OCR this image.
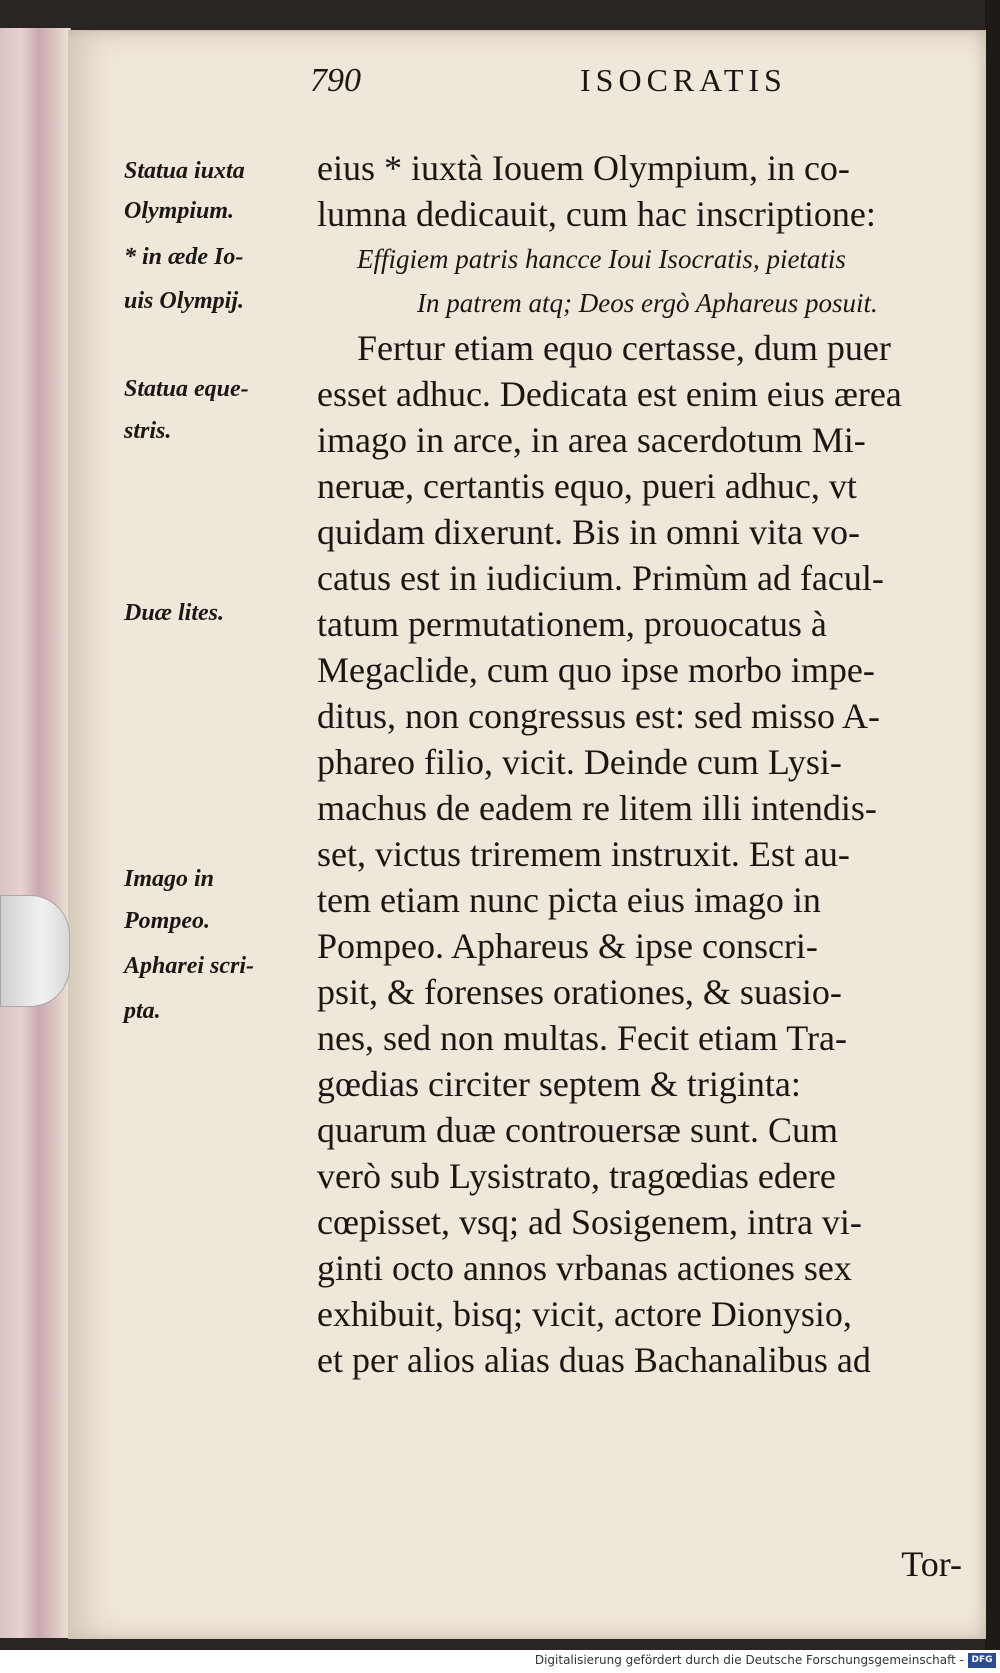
790	ISOCRATIS
Statua iuxta
Olympium.
* in æde Io-
uis Olympij.
Statua eque-
stris.
Duæ lites.
Imago in
Pompeo.
Apharei scri-
pta.
eius * iuxtà Iouem Olympium, in co-
lumna dedicauit, cum hac inscriptione:
Effigiem patris hancce Ioui Isocratis, pietatis
In patrem atq; Deos ergò Aphareus posuit.
Fertur etiam equo certasse, dum puer
esset adhuc. Dedicata est enim eius ærea
imago in arce, in area sacerdotum Mi-
neruæ, certantis equo, pueri adhuc, vt
quidam dixerunt. Bis in omni vita vo-
catus est in iudicium. Primùm ad facul-
tatum permutationem, prouocatus à
Megaclide, cum quo ipse morbo impe-
ditus, non congressus est: sed misso A-
phareo filio, vicit. Deinde cum Lysi-
machus de eadem re litem illi intendis-
set, victus triremem instruxit. Est au-
tem etiam nunc picta eius imago in
Pompeo. Aphareus & ipse conscri-
psit, & forenses orationes, & suasio-
nes, sed non multas. Fecit etiam Tra-
gœdias circiter septem & triginta:
quarum duæ controuersæ sunt. Cum
verò sub Lysistrato, tragœdias edere
cœpisset, vsq; ad Sosigenem, intra vi-
ginti octo annos vrbanas actiones sex
exhibuit, bisq; vicit, actore Dionysio,
et per alios alias duas Bachanalibus ad
Tor-
Digitalisierung gefördert durch die Deutsche Forschungsgemeinschaft - DFG
